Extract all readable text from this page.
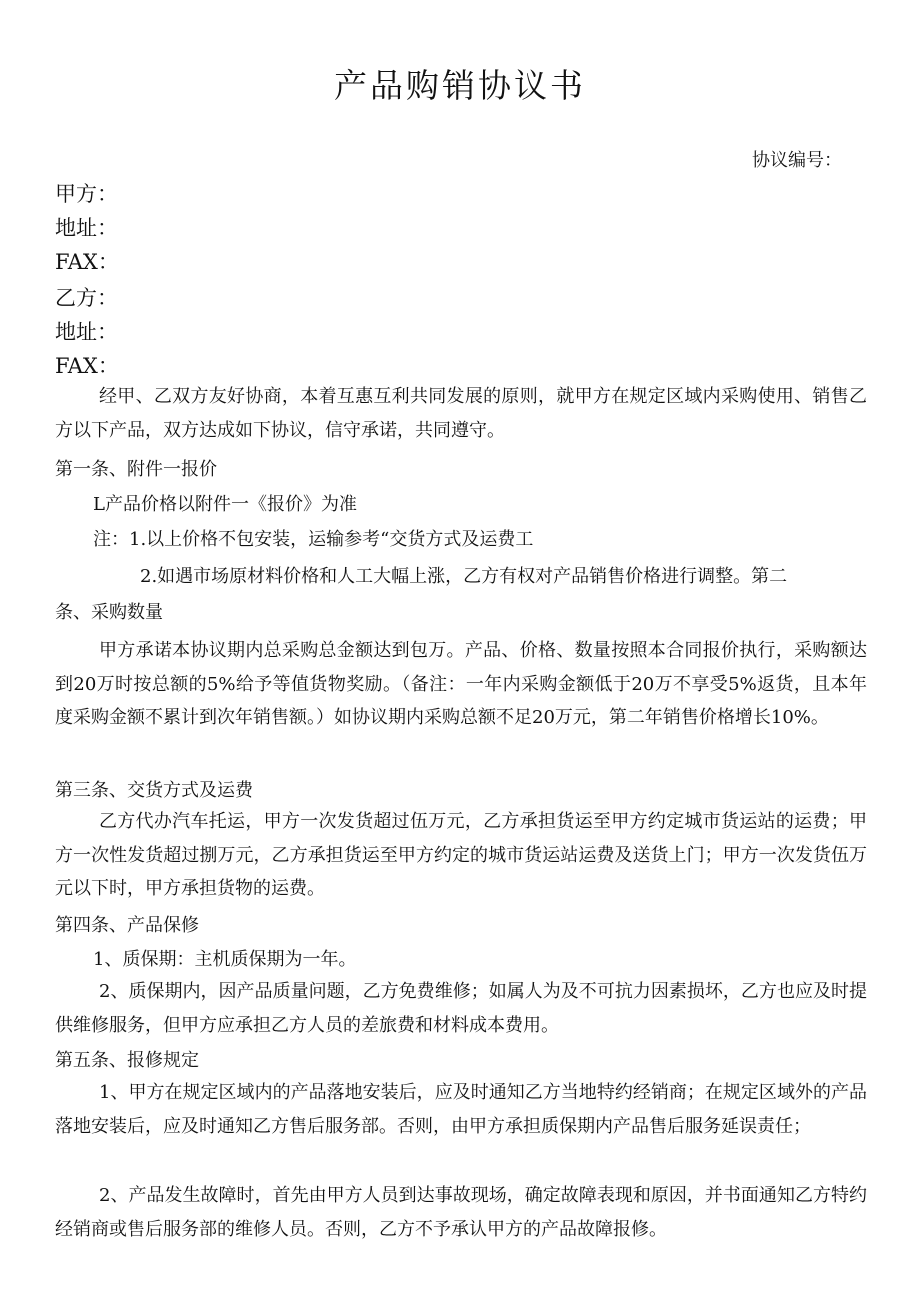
产品购销协议书
协议编号：
甲方：
地址：
FAX：
乙方：
地址：
FAX：

经甲、乙双方友好协商，本着互惠互利共同发展的原则，就甲方在规定区域内采购使用、销售乙方以下产品，双方达成如下协议，信守承诺，共同遵守。

第一条、附件一报价
L产品价格以附件一《报价》为准
注：1.以上价格不包安装，运输参考“交货方式及运费工
2.如遇市场原材料价格和人工大幅上涨，乙方有权对产品销售价格进行调整。第二
条、采购数量

甲方承诺本协议期内总采购总金额达到包万。产品、价格、数量按照本合同报价执行，采购额达到20万时按总额的5%给予等值货物奖励。（备注：一年内采购金额低于20万不享受5%返货，且本年度采购金额不累计到次年销售额。）如协议期内采购总额不足20万元，第二年销售价格增长10%。

第三条、交货方式及运费

乙方代办汽车托运，甲方一次发货超过伍万元，乙方承担货运至甲方约定城市货运站的运费；甲方一次性发货超过捌万元，乙方承担货运至甲方约定的城市货运站运费及送货上门；甲方一次发货伍万元以下时，甲方承担货物的运费。

第四条、产品保修
1、质保期：主机质保期为一年。

2、质保期内，因产品质量问题，乙方免费维修；如属人为及不可抗力因素损坏，乙方也应及时提供维修服务，但甲方应承担乙方人员的差旅费和材料成本费用。

第五条、报修规定

1、甲方在规定区域内的产品落地安装后，应及时通知乙方当地特约经销商；在规定区域外的产品落地安装后，应及时通知乙方售后服务部。否则，由甲方承担质保期内产品售后服务延误责任；

2、产品发生故障时，首先由甲方人员到达事故现场，确定故障表现和原因，并书面通知乙方特约经销商或售后服务部的维修人员。否则，乙方不予承认甲方的产品故障报修。
